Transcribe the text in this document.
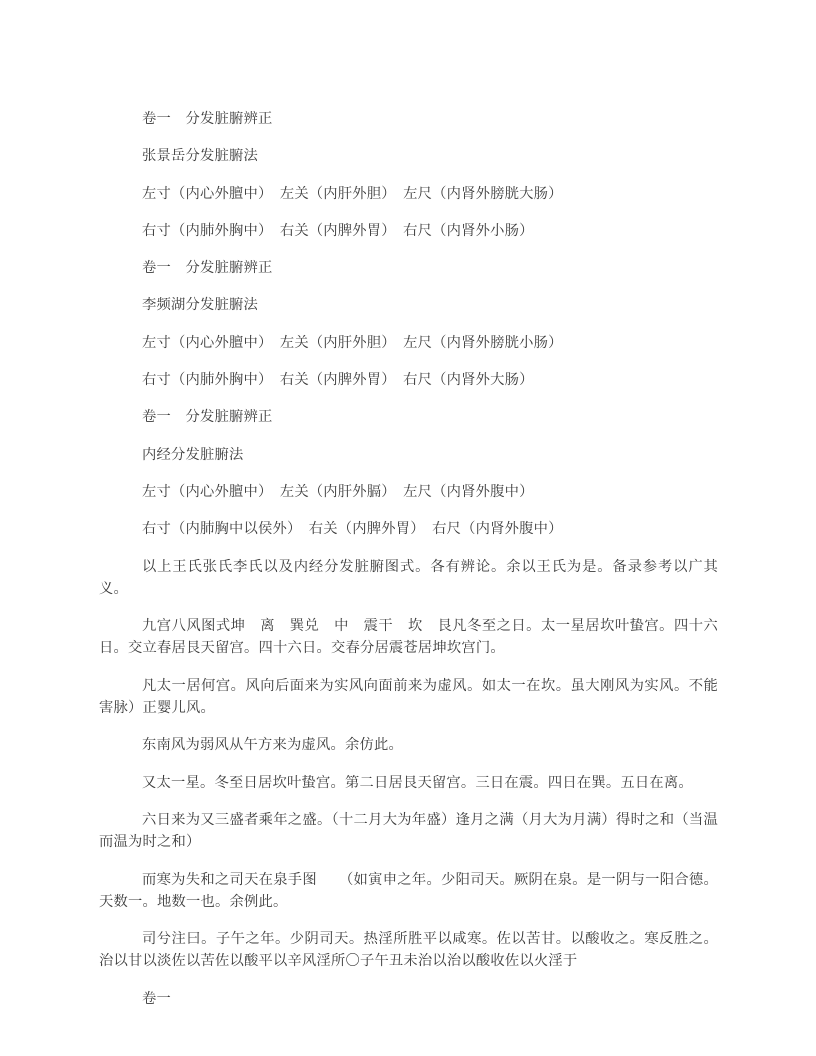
卷一　分发脏腑辨正

张景岳分发脏腑法

左寸（内心外膻中）　左关（内肝外胆）　左尺（内肾外膀胱大肠）

右寸（内肺外胸中）　右关（内脾外胃）　右尺（内肾外小肠）

卷一　分发脏腑辨正

李频湖分发脏腑法

左寸（内心外膻中）　左关（内肝外胆）　左尺（内肾外膀胱小肠）

右寸（内肺外胸中）　右关（内脾外胃）　右尺（内肾外大肠）

卷一　分发脏腑辨正

内经分发脏腑法

左寸（内心外膻中）　左关（内肝外膈）　左尺（内肾外腹中）

右寸（内肺胸中以侯外）　右关（内脾外胃）　右尺（内肾外腹中）

以上王氏张氏李氏以及内经分发脏腑图式。各有辨论。余以王氏为是。备录参考以广其义。

九宫八风图式坤　离　巽兑　中　震干　坎　艮凡冬至之日。太一星居坎叶蛰宫。四十六日。交立春居艮天留宫。四十六日。交春分居震苍居坤坎宫门。

凡太一居何宫。风向后面来为实风向面前来为虚风。如太一在坎。虽大刚风为实风。不能害脉）正婴儿风。

东南风为弱风从午方来为虚风。余仿此。

又太一星。冬至日居坎叶蛰宫。第二日居艮天留宫。三日在震。四日在巽。五日在离。

六日来为又三盛者乘年之盛。（十二月大为年盛）逢月之满（月大为月满）得时之和（当温而温为时之和）

而寒为失和之司天在泉手图　　（如寅申之年。少阳司天。厥阴在泉。是一阴与一阳合德。天数一。地数一也。余例此。

司兮注曰。子午之年。少阴司天。热淫所胜平以咸寒。佐以苦甘。以酸收之。寒反胜之。治以甘以淡佐以苦佐以酸平以辛风淫所〇子午丑未治以治以酸收佐以火淫于

卷一
